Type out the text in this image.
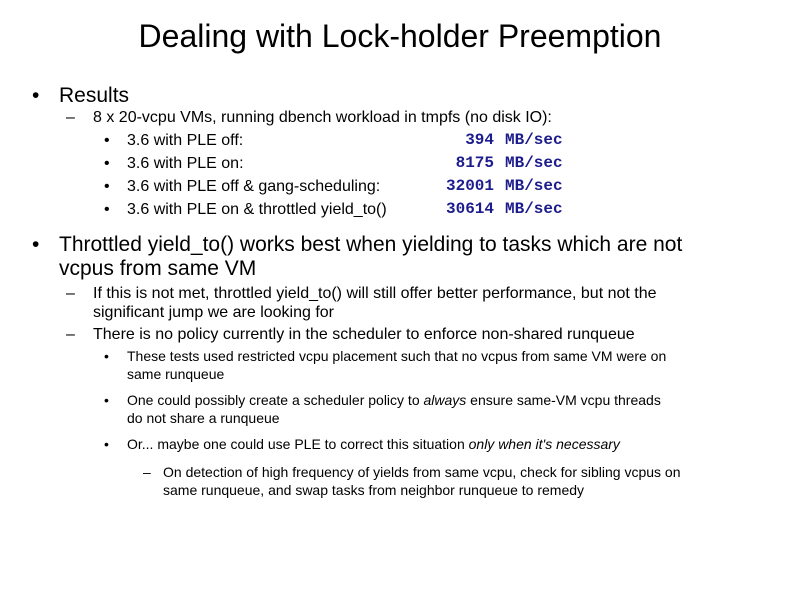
Dealing with Lock-holder Preemption
• Results
– 8 x 20-vcpu VMs, running dbench workload in tmpfs (no disk IO):
• 3.6 with PLE off:	394 MB/sec
• 3.6 with PLE on:	8175 MB/sec
• 3.6 with PLE off & gang-scheduling:	32001 MB/sec
• 3.6 with PLE on & throttled yield_to()	30614 MB/sec
• Throttled yield_to() works best when yielding to tasks which are not
vcpus from same VM
– If this is not met, throttled yield_to() will still offer better performance, but not the
significant jump we are looking for
– There is no policy currently in the scheduler to enforce non-shared runqueue
• These tests used restricted vcpu placement such that no vcpus from same VM were on
same runqueue
• One could possibly create a scheduler policy to always ensure same-VM vcpu threads
do not share a runqueue
• Or... maybe one could use PLE to correct this situation only when it's necessary
– On detection of high frequency of yields from same vcpu, check for sibling vcpus on
same runqueue, and swap tasks from neighbor runqueue to remedy
